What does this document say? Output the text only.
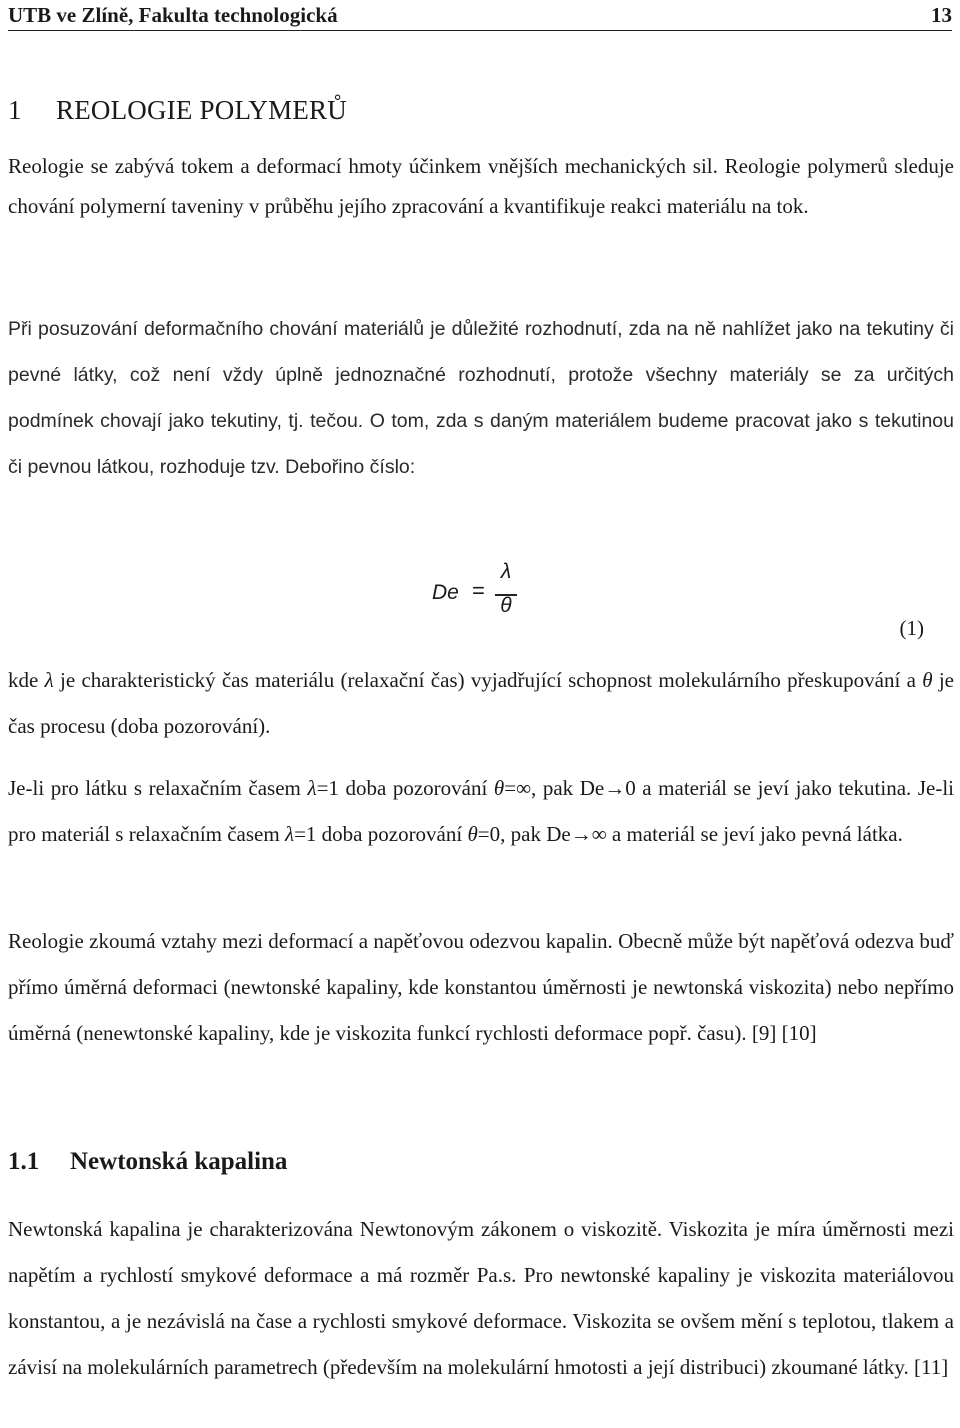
UTB ve Zlíně, Fakulta technologická	13
1 REOLOGIE POLYMERŮ

Reologie se zabývá tokem a deformací hmoty účinkem vnějších mechanických sil. Reologie polymerů sleduje chování polymerní taveniny v průběhu jejího zpracování a kvantifikuje reakci materiálu na tok.

Při posuzování deformačního chování materiálů je důležité rozhodnutí, zda na ně nahlížet jako na tekutiny či pevné látky, což není vždy úplně jednoznačné rozhodnutí, protože všechny materiály se za určitých podmínek chovají jako tekutiny, tj. tečou. O tom, zda s daným materiálem budeme pracovat jako s tekutinou či pevnou látkou, rozhoduje tzv. Debořino číslo:

De =
λ
θ
(1)

kde λ je charakteristický čas materiálu (relaxační čas) vyjadřující schopnost molekulárního přeskupování a θ je čas procesu (doba pozorování).

Je-li pro látku s relaxačním časem λ=1 doba pozorování θ=∞, pak De→0 a materiál se jeví jako tekutina. Je-li pro materiál s relaxačním časem λ=1 doba pozorování θ=0, pak De→∞ a materiál se jeví jako pevná látka.

Reologie zkoumá vztahy mezi deformací a napěťovou odezvou kapalin. Obecně může být napěťová odezva buď přímo úměrná deformaci (newtonské kapaliny, kde konstantou úměrnosti je newtonská viskozita) nebo nepřímo úměrná (nenewtonské kapaliny, kde je viskozita funkcí rychlosti deformace popř. času). [9] [10]

1.1 Newtonská kapalina

Newtonská kapalina je charakterizována Newtonovým zákonem o viskozitě. Viskozita je míra úměrnosti mezi napětím a rychlostí smykové deformace a má rozměr Pa.s. Pro newtonské kapaliny je viskozita materiálovou konstantou, a je nezávislá na čase a rychlosti smykové deformace. Viskozita se ovšem mění s teplotou, tlakem a závisí na molekulárních parametrech (především na molekulární hmotosti a její distribuci) zkoumané látky. [11]
